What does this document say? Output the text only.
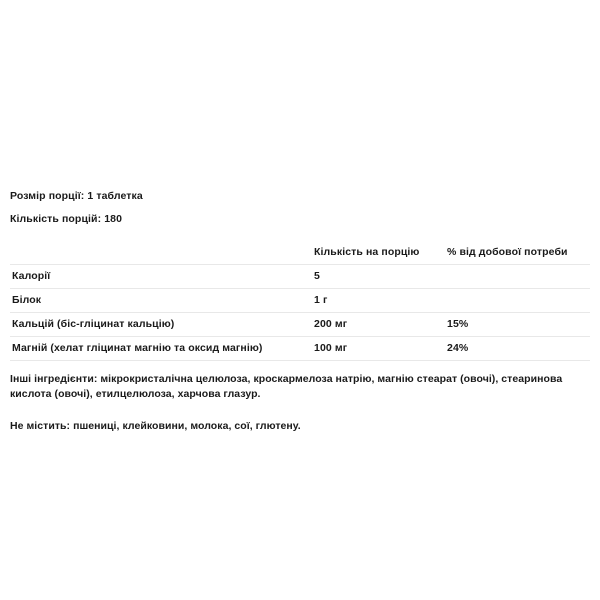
Розмір порції: 1 таблетка

Кількість порцій: 180

	Кількість на порцію	% від добової потреби
Калорії	5	
Білок	1 г	
Кальцій (біс-гліцинат кальцію)	200 мг	15%
Магній (хелат гліцинат магнію та оксид магнію)	100 мг	24%

Інші інгредієнти: мікрокристалічна целюлоза, кроскармелоза натрію, магнію стеарат (овочі), стеаринова кислота (овочі), етилцелюлоза, харчова глазур.

Не містить: пшениці, клейковини, молока, сої, глютену.
